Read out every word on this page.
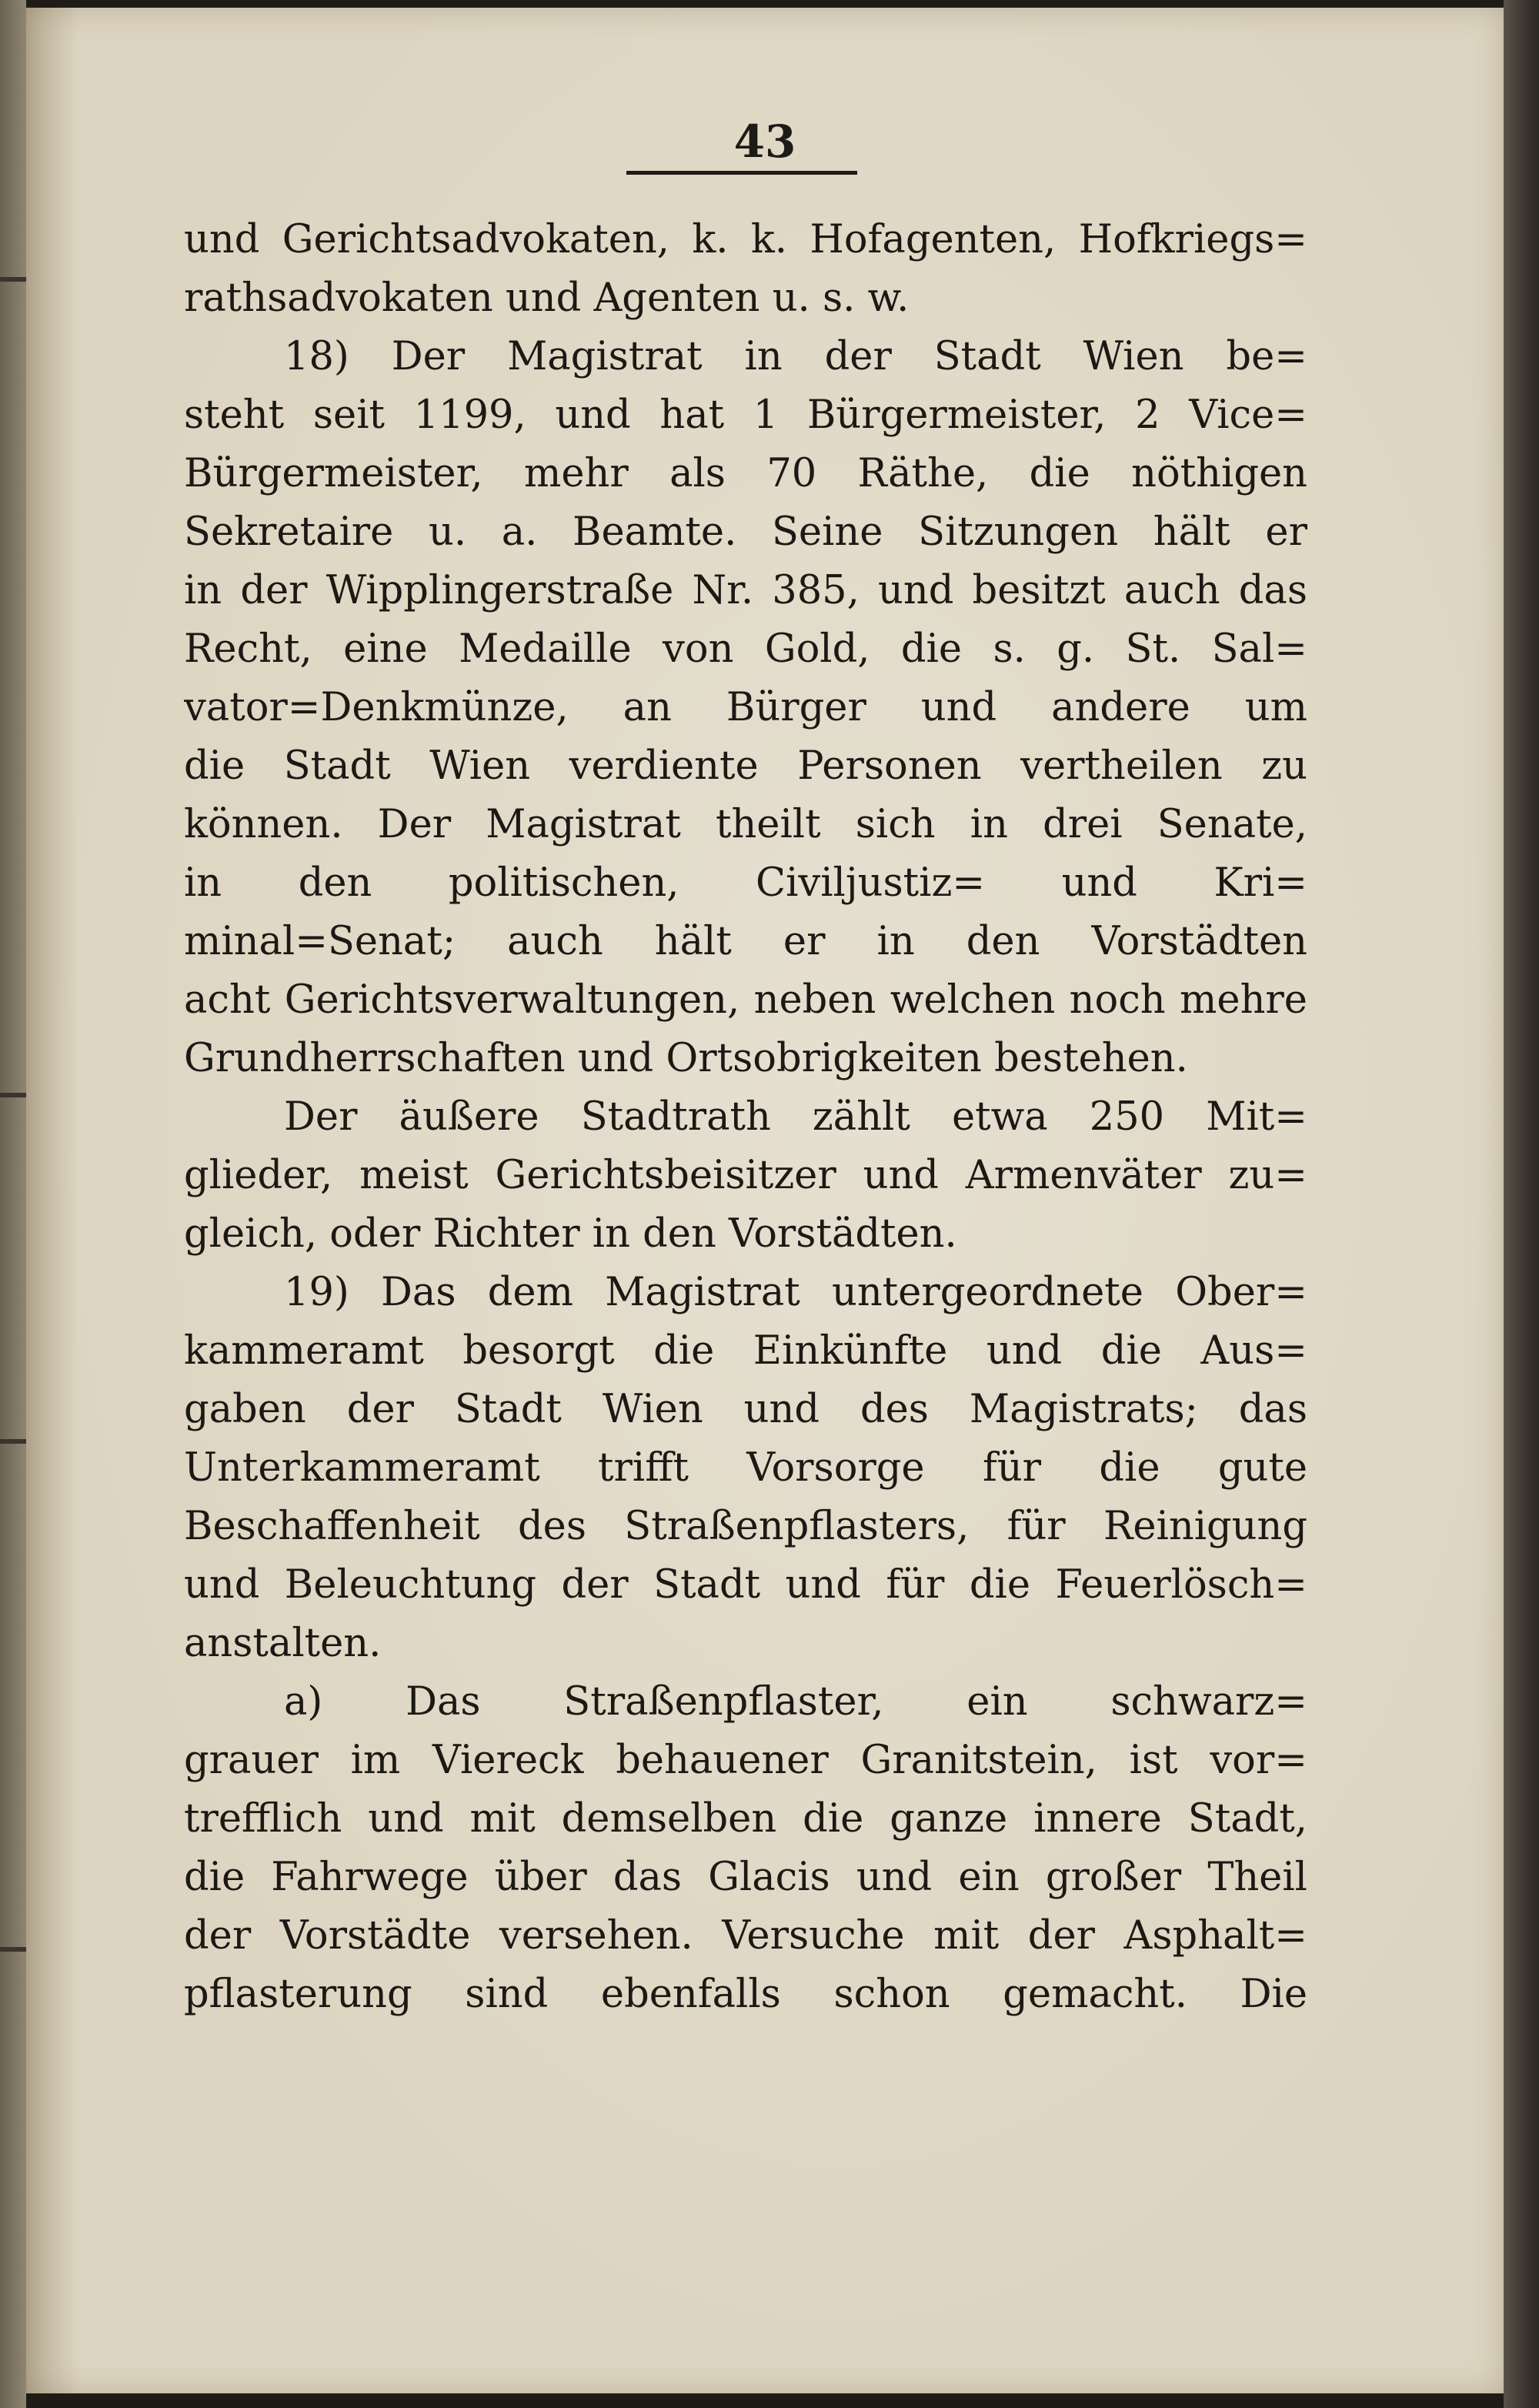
43
und Gerichtsadvokaten, k. k. Hofagenten, Hofkriegs=
rathsadvokaten und Agenten u. s. w.
18) Der Magistrat in der Stadt Wien be=
steht seit 1199, und hat 1 Bürgermeister, 2 Vice=
Bürgermeister, mehr als 70 Räthe, die nöthigen
Sekretaire u. a. Beamte. Seine Sitzungen hält er
in der Wipplingerstraße Nr. 385, und besitzt auch das
Recht, eine Medaille von Gold, die s. g. St. Sal=
vator=Denkmünze, an Bürger und andere um
die Stadt Wien verdiente Personen vertheilen zu
können. Der Magistrat theilt sich in drei Senate,
in den politischen, Civiljustiz= und Kri=
minal=Senat; auch hält er in den Vorstädten
acht Gerichtsverwaltungen, neben welchen noch mehre
Grundherrschaften und Ortsobrigkeiten bestehen.
Der äußere Stadtrath zählt etwa 250 Mit=
glieder, meist Gerichtsbeisitzer und Armenväter zu=
gleich, oder Richter in den Vorstädten.
19) Das dem Magistrat untergeordnete Ober=
kammeramt besorgt die Einkünfte und die Aus=
gaben der Stadt Wien und des Magistrats; das
Unterkammeramt trifft Vorsorge für die gute
Beschaffenheit des Straßenpflasters, für Reinigung
und Beleuchtung der Stadt und für die Feuerlösch=
anstalten.
a) Das Straßenpflaster, ein schwarz=
grauer im Viereck behauener Granitstein, ist vor=
trefflich und mit demselben die ganze innere Stadt,
die Fahrwege über das Glacis und ein großer Theil
der Vorstädte versehen. Versuche mit der Asphalt=
pflasterung sind ebenfalls schon gemacht. Die
